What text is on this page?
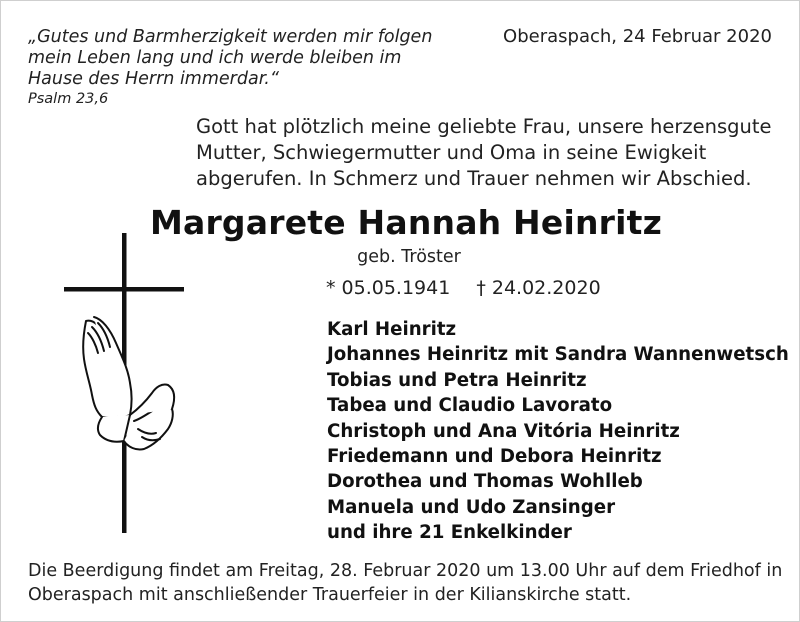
„Gutes und Barmherzigkeit werden mir folgen
mein Leben lang und ich werde bleiben im
Hause des Herrn immerdar.“
Psalm 23,6
Oberaspach, 24 Februar 2020
Gott hat plötzlich meine geliebte Frau, unsere herzensgute
Mutter, Schwiegermutter und Oma in seine Ewigkeit
abgerufen. In Schmerz und Trauer nehmen wir Abschied.
Margarete Hannah Heinritz
geb. Tröster
* 05.05.1941 † 24.02.2020
Karl Heinritz
Johannes Heinritz mit Sandra Wannenwetsch
Tobias und Petra Heinritz
Tabea und Claudio Lavorato
Christoph und Ana Vitória Heinritz
Friedemann und Debora Heinritz
Dorothea und Thomas Wohlleb
Manuela und Udo Zansinger
und ihre 21 Enkelkinder
Die Beerdigung findet am Freitag, 28. Februar 2020 um 13.00 Uhr auf dem Friedhof in
Oberaspach mit anschließender Trauerfeier in der Kilianskirche statt.
